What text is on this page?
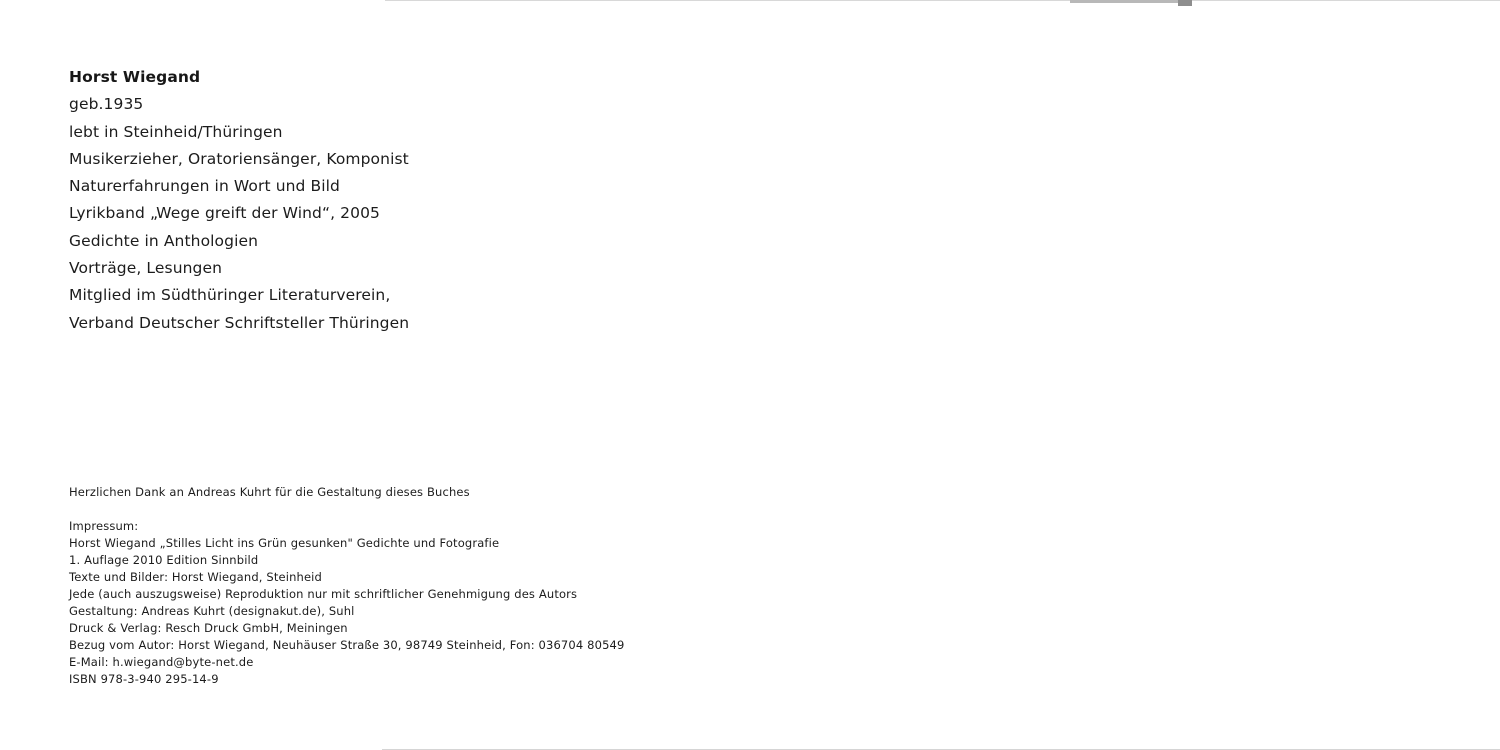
Horst Wiegand
geb.1935
lebt in Steinheid/Thüringen
Musikerzieher, Oratoriensänger, Komponist
Naturerfahrungen in Wort und Bild
Lyrikband „Wege greift der Wind“, 2005
Gedichte in Anthologien
Vorträge, Lesungen
Mitglied im Südthüringer Literaturverein,
Verband Deutscher Schriftsteller Thüringen
Herzlichen Dank an Andreas Kuhrt für die Gestaltung dieses Buches
Impressum:
Horst Wiegand „Stilles Licht ins Grün gesunken" Gedichte und Fotografie
1. Auflage 2010 Edition Sinnbild
Texte und Bilder: Horst Wiegand, Steinheid
Jede (auch auszugsweise) Reproduktion nur mit schriftlicher Genehmigung des Autors
Gestaltung: Andreas Kuhrt (designakut.de), Suhl
Druck & Verlag: Resch Druck GmbH, Meiningen
Bezug vom Autor: Horst Wiegand, Neuhäuser Straße 30, 98749 Steinheid, Fon: 036704 80549
E-Mail: h.wiegand@byte-net.de
ISBN 978-3-940 295-14-9
